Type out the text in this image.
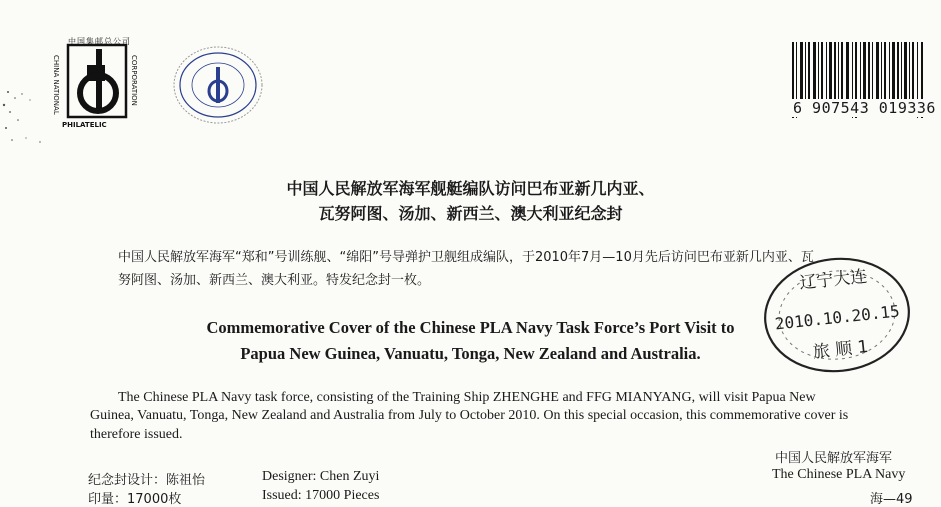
中国集邮总公司
CHINA NATIONAL	CORPORATION
PHILATELIC
6 907543 019336
中国人民解放军海军舰艇编队访问巴布亚新几内亚、
瓦努阿图、汤加、新西兰、澳大利亚纪念封
中国人民解放军海军“郑和”号训练舰、“绵阳”号导弹护卫舰组成编队，于2010年7月—10月先后访问巴布亚新几内亚、瓦
努阿图、汤加、新西兰、澳大利亚。特发纪念封一枚。
Commemorative Cover of the Chinese PLA Navy Task Force’s Port Visit to
Papua New Guinea, Vanuatu, Tonga, New Zealand and Australia.
The Chinese PLA Navy task force, consisting of the Training Ship ZHENGHE and FFG MIANYANG, will visit Papua New
Guinea, Vanuatu, Tonga, New Zealand and Australia from July to October 2010. On this special occasion, this commemorative cover is
therefore issued.
中国人民解放军海军
The Chinese PLA Navy
海—49
纪念封设计：陈祖怡
印量：17000枚
Designer: Chen Zuyi
Issued: 17000 Pieces
辽宁大连
2010.10.20.15
旅 顺 1
